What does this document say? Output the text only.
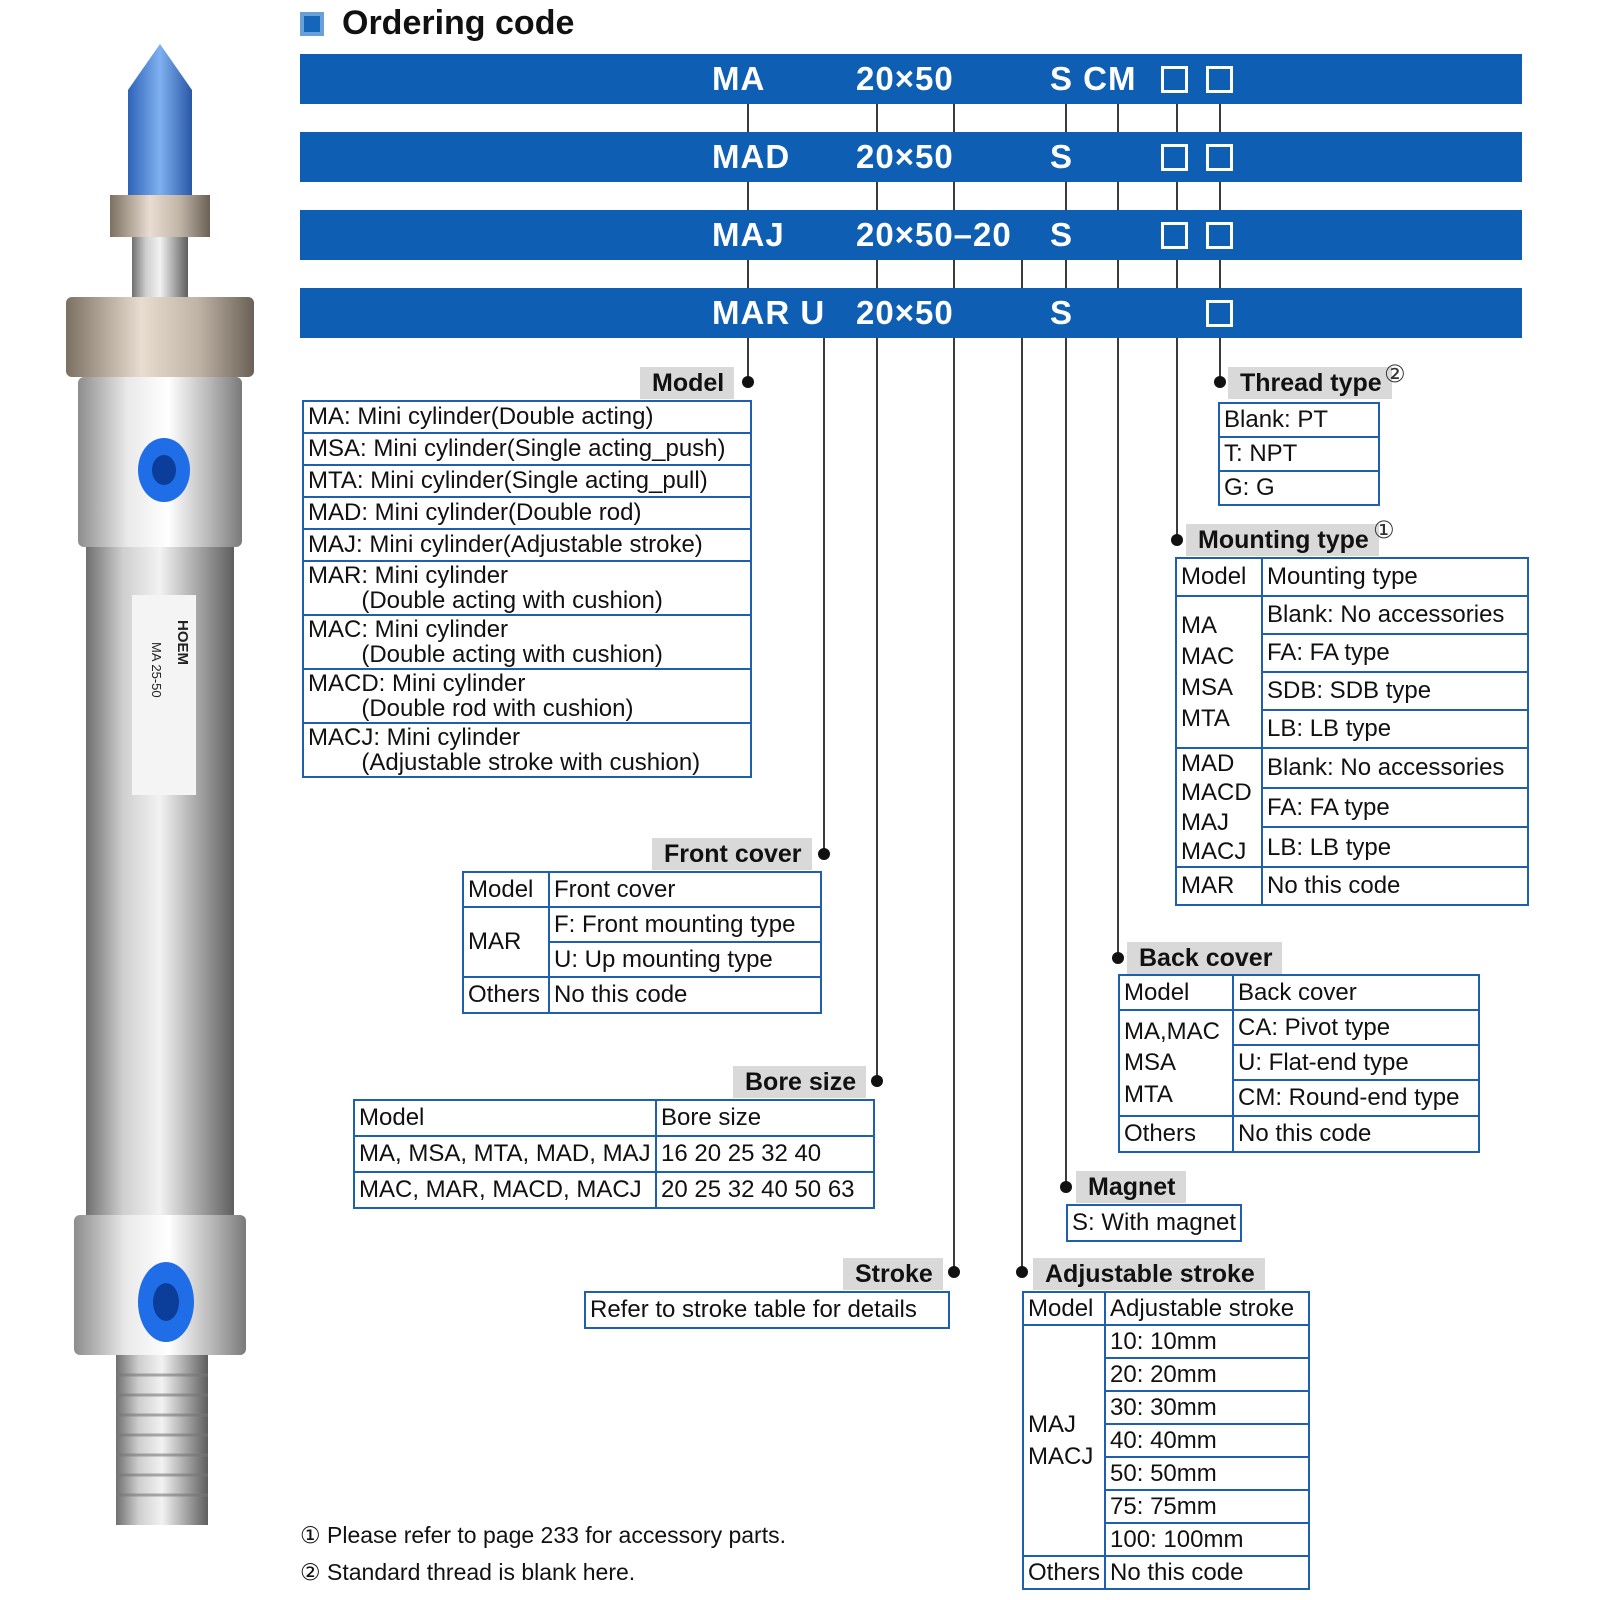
HOEM
MA 25-50
Ordering code
MA	20×50	S CM
MAD 20×50	S
MAJ 20×50–20 S
MAR U 20×50	S
Model
MA: Mini cylinder(Double acting)
MSA: Mini cylinder(Single acting_push)
MTA: Mini cylinder(Single acting_pull)
MAD: Mini cylinder(Double rod)
MAJ: Mini cylinder(Adjustable stroke)
MAR: Mini cylinder
(Double acting with cushion)
MAC: Mini cylinder
(Double acting with cushion)
MACD: Mini cylinder
(Double rod with cushion)
MACJ: Mini cylinder
(Adjustable stroke with cushion)
Front cover
Model	Front cover
MAR	F: Front mounting type
	U: Up mounting type
Others	No this code
Bore size
Model	Bore size
MA, MSA, MTA, MAD, MAJ	16 20 25 32 40
MAC, MAR, MACD, MACJ	20 25 32 40 50 63
Stroke
Refer to stroke table for details
Thread type ②
Blank: PT
T: NPT
G: G
Mounting type ①
Model	Mounting type
MA
MAC
MSA
MTA	Blank: No accessories
	FA: FA type
	SDB: SDB type
	LB: LB type
MAD
MACD
MAJ
MACJ	Blank: No accessories
	FA: FA type
	LB: LB type
MAR	No this code
Back cover
Model	Back cover
MA,MAC
MSA
MTA	CA: Pivot type
	U: Flat-end type
	CM: Round-end type
Others	No this code
Magnet
S: With magnet
Adjustable stroke
Model	Adjustable stroke
MAJ
MACJ	10: 10mm
	20: 20mm
	30: 30mm
	40: 40mm
	50: 50mm
	75: 75mm
	100: 100mm
Others	No this code
① Please refer to page 233 for accessory parts.
② Standard thread is blank here.
